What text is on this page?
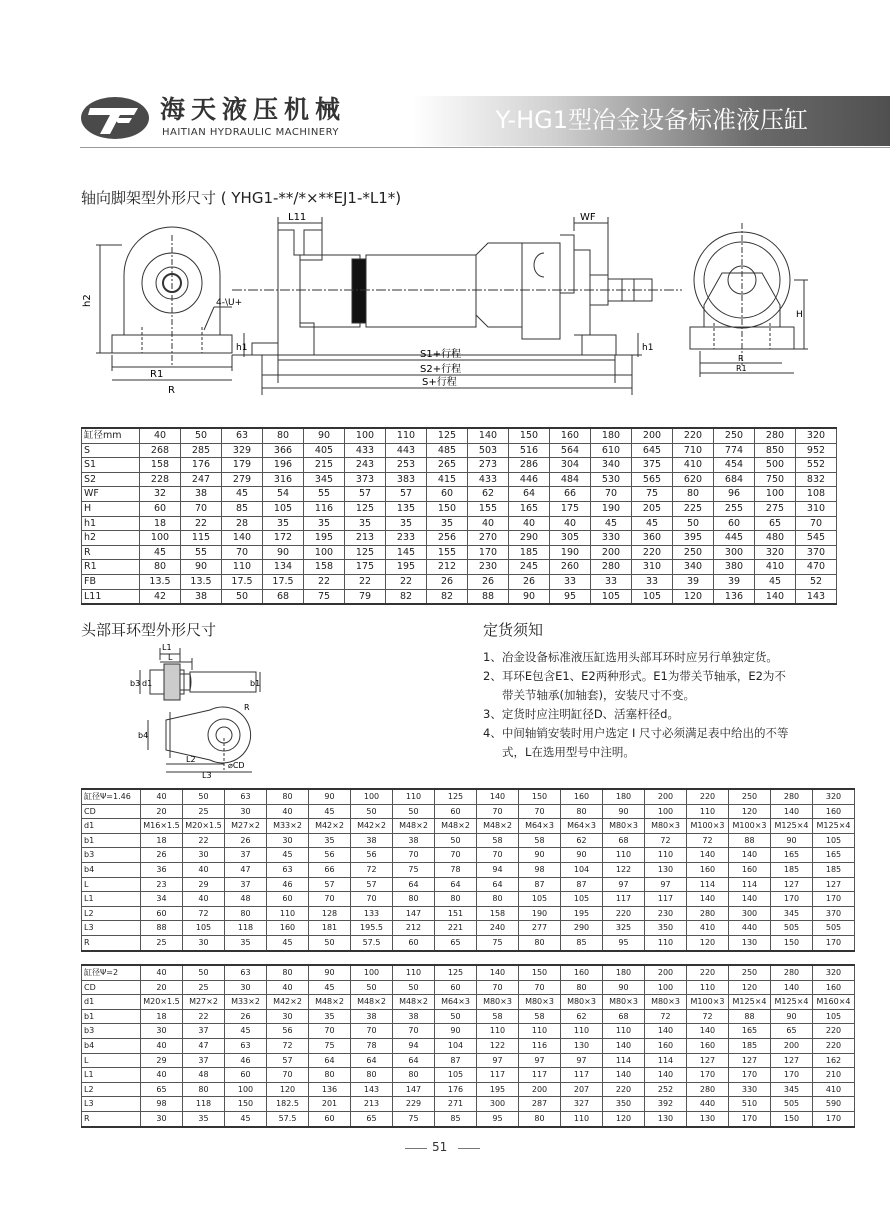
海天液压机械
HAITIAN HYDRAULIC MACHINERY	Y-HG1型冶金设备标准液压缸
轴向脚架型外形尺寸 ( YHG1-**/*×**EJ1-*L1*)
h2
R1
R
4-\U+
L11	WF
h1	h1
S1+行程
S2+行程
S+行程
H
R
R1
缸径mm	40	50	63	80	90	100	110	125	140	150	160	180	200	220	250	280	320
S	268	285	329	366	405	433	443	485	503	516	564	610	645	710	774	850	952
S1	158	176	179	196	215	243	253	265	273	286	304	340	375	410	454	500	552
S2	228	247	279	316	345	373	383	415	433	446	484	530	565	620	684	750	832
WF	32	38	45	54	55	57	57	60	62	64	66	70	75	80	96	100	108
H	60	70	85	105	116	125	135	150	155	165	175	190	205	225	255	275	310
h1	18	22	28	35	35	35	35	35	40	40	40	45	45	50	60	65	70
h2	100	115	140	172	195	213	233	256	270	290	305	330	360	395	445	480	545
R	45	55	70	90	100	125	145	155	170	185	190	200	220	250	300	320	370
R1	80	90	110	134	158	175	195	212	230	245	260	280	310	340	380	410	470
FB	13.5	13.5	17.5	17.5	22	22	22	26	26	26	33	33	33	39	39	45	52
L11	42	38	50	68	75	79	82	82	88	90	95	105	105	120	136	140	143
头部耳环型外形尺寸
L1
L
b3 d1	b1
b4
R
L2
L3
⌀CD
定货须知
1、冶金设备标准液压缸选用头部耳环时应另行单独定货。
2、耳环E包含E1、E2两种形式。E1为带关节轴承，E2为不
带关节轴承(加轴套)，安装尺寸不变。
3、定货时应注明缸径D、活塞杆径d。
4、中间轴销安装时用户选定 I 尺寸必须满足表中给出的不等
式，L在选用型号中注明。
缸径Ψ=1.46	40	50	63	80	90	100	110	125	140	150	160	180	200	220	250	280	320
CD	20	25	30	40	45	50	50	60	70	70	80	90	100	110	120	140	160
d1	M16×1.5	M20×1.5	M27×2	M33×2	M42×2	M42×2	M48×2	M48×2	M48×2	M64×3	M64×3	M80×3	M80×3	M100×3	M100×3	M125×4	M125×4
b1	18	22	26	30	35	38	38	50	58	58	62	68	72	72	88	90	105
b3	26	30	37	45	56	56	70	70	70	90	90	110	110	140	140	165	165
b4	36	40	47	63	66	72	75	78	94	98	104	122	130	160	160	185	185
L	23	29	37	46	57	57	64	64	64	87	87	97	97	114	114	127	127
L1	34	40	48	60	70	70	80	80	80	105	105	117	117	140	140	170	170
L2	60	72	80	110	128	133	147	151	158	190	195	220	230	280	300	345	370
L3	88	105	118	160	181	195.5	212	221	240	277	290	325	350	410	440	505	505
R	25	30	35	45	50	57.5	60	65	75	80	85	95	110	120	130	150	170
缸径Ψ=2	40	50	63	80	90	100	110	125	140	150	160	180	200	220	250	280	320
CD	20	25	30	40	45	50	50	60	70	70	80	90	100	110	120	140	160
d1	M20×1.5	M27×2	M33×2	M42×2	M48×2	M48×2	M48×2	M64×3	M80×3	M80×3	M80×3	M80×3	M80×3	M100×3	M125×4	M125×4	M160×4
b1	18	22	26	30	35	38	38	50	58	58	62	68	72	72	88	90	105
b3	30	37	45	56	70	70	70	90	110	110	110	110	140	140	165	65	220
b4	40	47	63	72	75	78	94	104	122	116	130	140	160	160	185	200	220
L	29	37	46	57	64	64	64	87	97	97	97	114	114	127	127	127	162
L1	40	48	60	70	80	80	80	105	117	117	117	140	140	170	170	170	210
L2	65	80	100	120	136	143	147	176	195	200	207	220	252	280	330	345	410
L3	98	118	150	182.5	201	213	229	271	300	287	327	350	392	440	510	505	590
R	30	35	45	57.5	60	65	75	85	95	80	110	120	130	130	170	150	170
51
